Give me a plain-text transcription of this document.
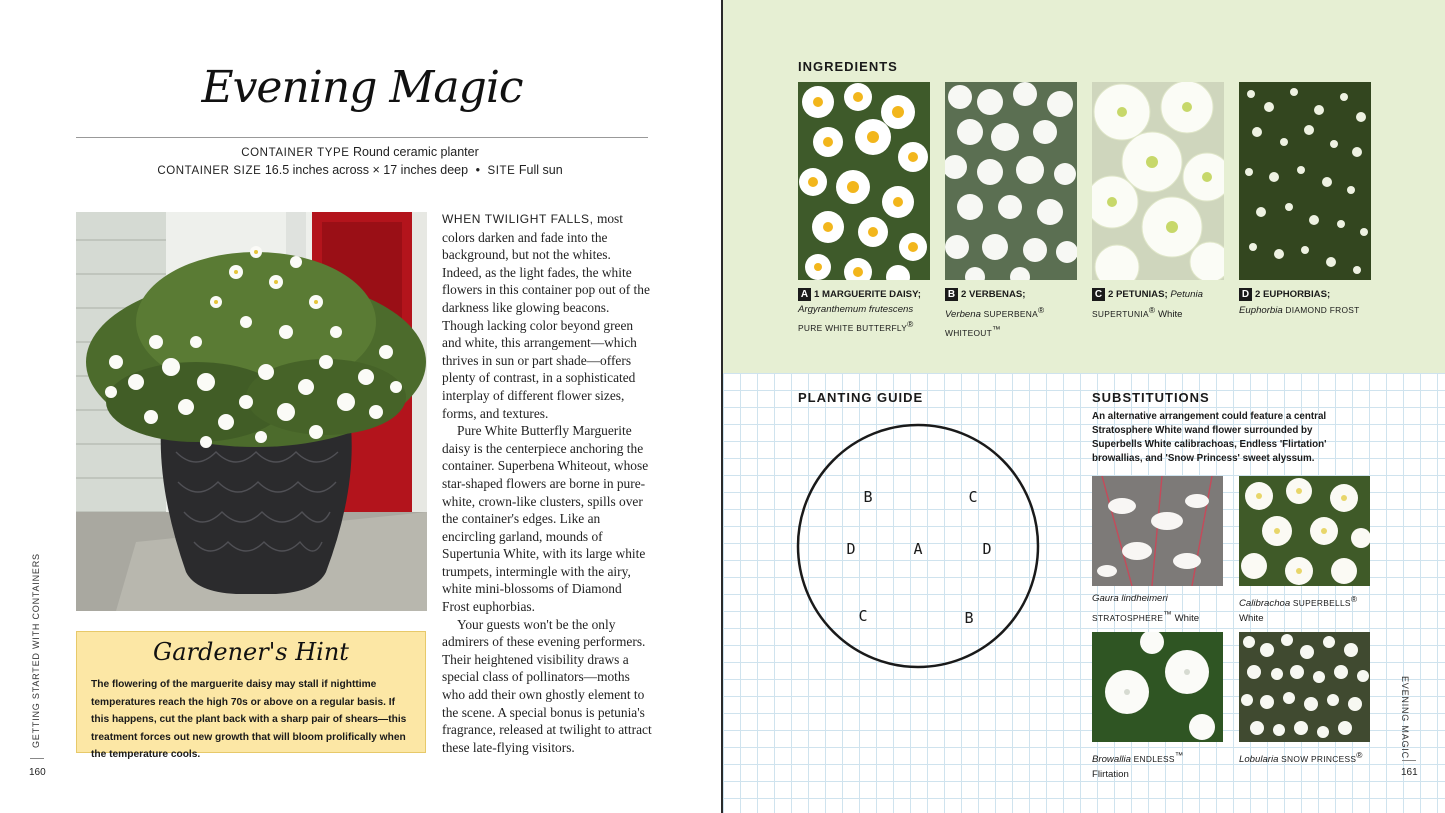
Evening Magic
CONTAINER TYPE Round ceramic planter
CONTAINER SIZE 16.5 inches across × 17 inches deep • SITE Full sun

WHEN TWILIGHT FALLS, most colors darken and fade into the background, but not the whites. Indeed, as the light fades, the white flowers in this container pop out of the darkness like glowing beacons. Though lacking color beyond green and white, this arrangement—which thrives in sun or part shade—offers plenty of contrast, in a sophisticated interplay of different flower sizes, forms, and textures.

Pure White Butterfly Marguerite daisy is the centerpiece anchoring the container. Superbena Whiteout, whose star-shaped flowers are borne in pure-white, crown-like clusters, spills over the container's edges. Like an encircling garland, mounds of Supertunia White, with its large white trumpets, intermingle with the airy, white mini-blossoms of Diamond Frost euphorbias.

Your guests won't be the only admirers of these evening performers. Their heightened visibility draws a special class of pollinators—moths who add their own ghostly element to the scene. A special bonus is petunia's fragrance, released at twilight to attract these late-flying visitors.

Gardener's Hint
The flowering of the marguerite daisy may stall if nighttime temperatures reach the high 70s or above on a regular basis. If this happens, cut the plant back with a sharp pair of shears—this treatment forces out new growth that will bloom prolifically when the temperature cools.
GETTING STARTED WITH CONTAINERS
160
INGREDIENTS
A 1 MARGUERITE DAISY; Argyranthemum frutescens PURE WHITE BUTTERFLY®
B 2 VERBENAS;
Verbena SUPERBENA®
WHITEOUT™
C 2 PETUNIAS; Petunia
SUPERTUNIA® White
D 2 EUPHORBIAS;
Euphorbia DIAMOND FROST

PLANTING GUIDE
B	C
D	A	D
C	B
SUBSTITUTIONS
An alternative arrangement could feature a central Stratosphere White wand flower surrounded by Superbells White calibrachoas, Endless 'Flirtation' browallias, and 'Snow Princess' sweet alyssum.
Gaura lindheimeri
STRATOSPHERE™ White
Calibrachoa SUPERBELLS®
White
Browallia ENDLESS™
Flirtation
Lobularia SNOW PRINCESS®	EVENING MAGIC
161
